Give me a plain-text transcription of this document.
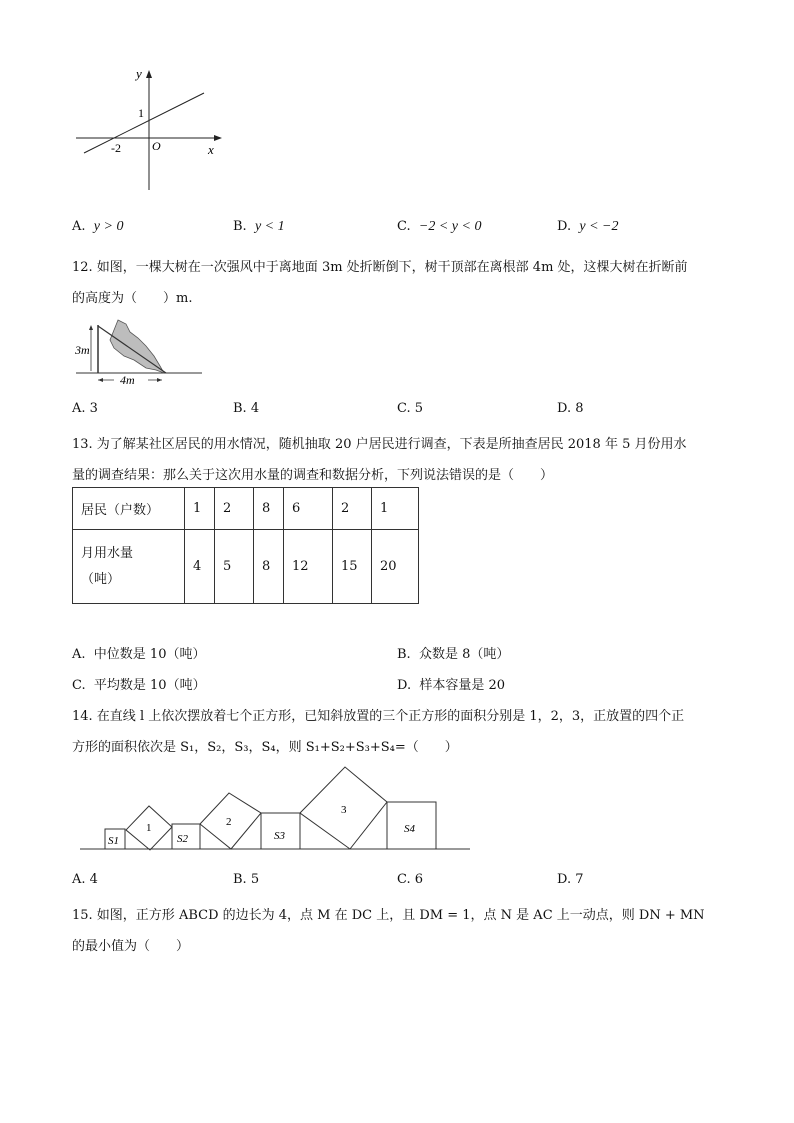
y
x
O
1
-2
A. y > 0	B. y < 1	C. −2 < y < 0	D. y < −2
12. 如图，一棵大树在一次强风中于离地面 3m 处折断倒下，树干顶部在离根部 4m 处，这棵大树在折断前
的高度为（　　）m.
3m
4m
A. 3	B. 4	C. 5	D. 8
13. 为了解某社区居民的用水情况，随机抽取 20 户居民进行调查，下表是所抽查居民 2018 年 5 月份用水
量的调查结果：那么关于这次用水量的调查和数据分析，下列说法错误的是（　　）
居民（户数）	1	2	8	6	2	1

月用水量
（吨）	4	5	8	12	15	20
A. 中位数是 10（吨）	B. 众数是 8（吨）
C. 平均数是 10（吨）	D. 样本容量是 20
14. 在直线 l 上依次摆放着七个正方形，已知斜放置的三个正方形的面积分别是 1，2，3，正放置的四个正
方形的面积依次是 S₁，S₂，S₃，S₄，则 S₁+S₂+S₃+S₄=（　　）
S1
1
S2
2
S3
3
S4
A. 4	B. 5	C. 6	D. 7
15. 如图，正方形 ABCD 的边长为 4，点 M 在 DC 上，且 DM = 1，点 N 是 AC 上一动点，则 DN + MN
的最小值为（　　）
